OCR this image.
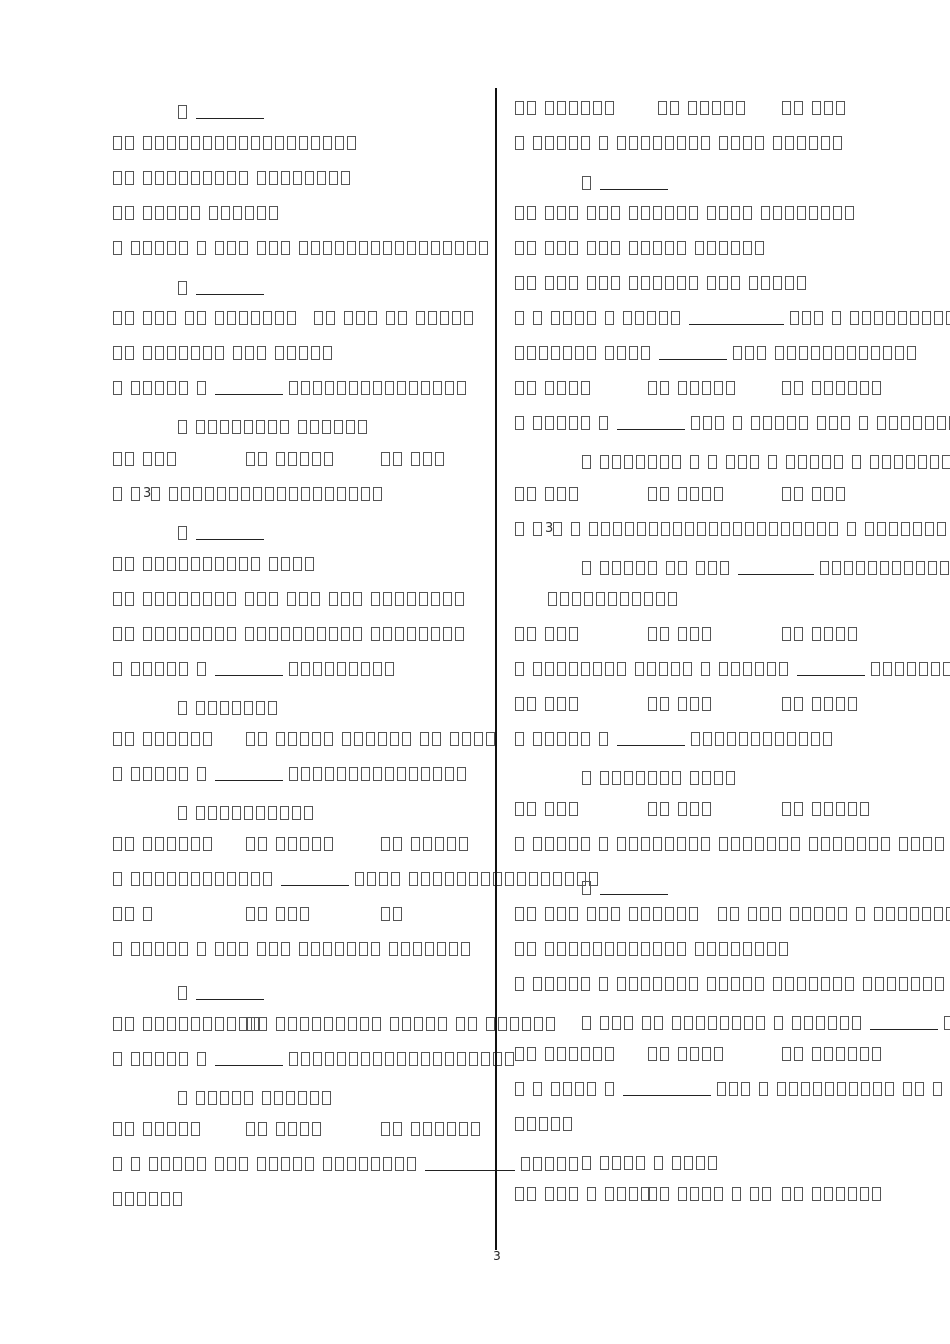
3
3
3
